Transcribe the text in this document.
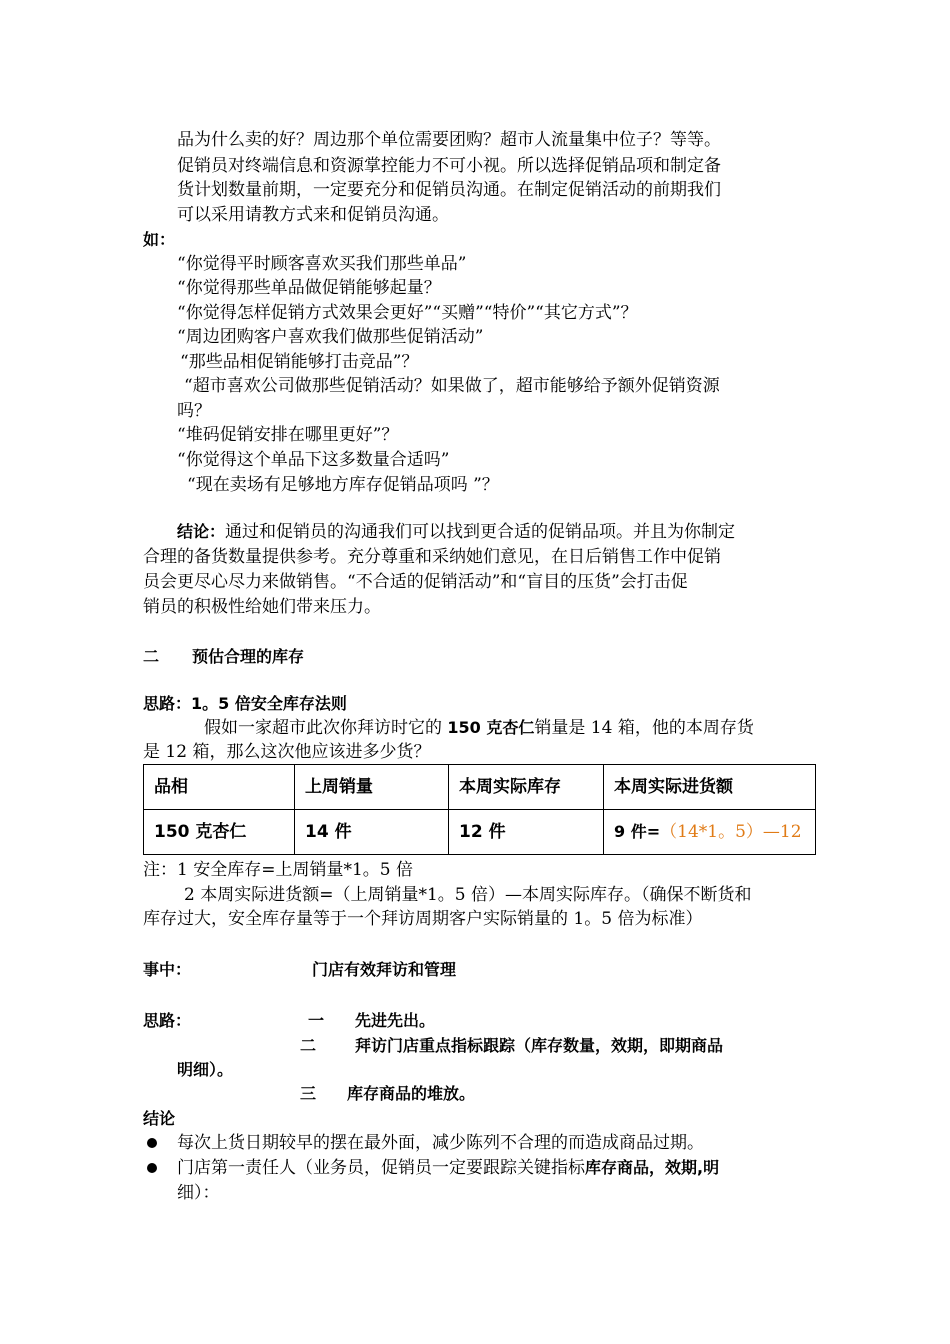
品为什么卖的好？周边那个单位需要团购？超市人流量集中位子？等等。
促销员对终端信息和资源掌控能力不可小视。所以选择促销品项和制定备
货计划数量前期，一定要充分和促销员沟通。在制定促销活动的前期我们
可以采用请教方式来和促销员沟通。
如：
“你觉得平时顾客喜欢买我们那些单品”
“你觉得那些单品做促销能够起量？
“你觉得怎样促销方式效果会更好”“买赠”“特价”“其它方式”？
“周边团购客户喜欢我们做那些促销活动”
“那些品相促销能够打击竞品”？
“超市喜欢公司做那些促销活动？如果做了，超市能够给予额外促销资源
吗？
“堆码促销安排在哪里更好”？
“你觉得这个单品下这多数量合适吗”
“现在卖场有足够地方库存促销品项吗 ”？
结论：通过和促销员的沟通我们可以找到更合适的促销品项。并且为你制定
合理的备货数量提供参考。充分尊重和采纳她们意见，在日后销售工作中促销
员会更尽心尽力来做销售。“不合适的促销活动”和“盲目的压货”会打击促
销员的积极性给她们带来压力。
二 预估合理的库存
思路：1。5 倍安全库存法则
假如一家超市此次你拜访时它的 150 克杏仁销量是 14 箱，他的本周存货
是 12 箱，那么这次他应该进多少货？
品相	上周销量	本周实际库存	本周实际进货额
150 克杏仁	14 件	12 件	9 件=（14*1。5）—12
注：1 安全库存=上周销量*1。5 倍
2 本周实际进货额=（上周销量*1。5 倍）—本周实际库存。（确保不断货和
库存过大，安全库存量等于一个拜访周期客户实际销量的 1。5 倍为标准）
事中：	门店有效拜访和管理
思路：	一 先进先出。
二 拜访门店重点指标跟踪（库存数量，效期，即期商品
明细）。
三 库存商品的堆放。
结论
每次上货日期较早的摆在最外面，减少陈列不合理的而造成商品过期。
门店第一责任人（业务员，促销员一定要跟踪关键指标库存商品，效期,明
细）：
